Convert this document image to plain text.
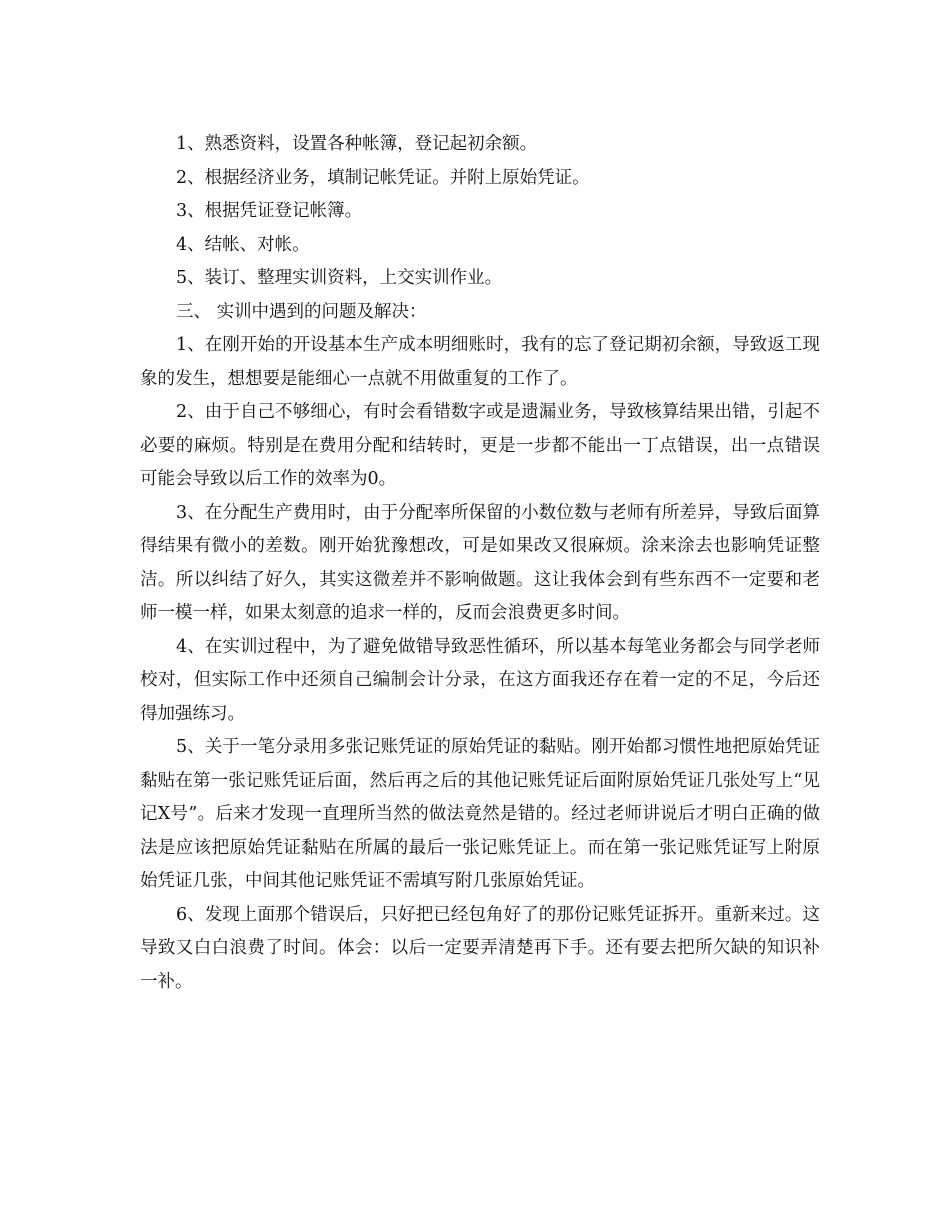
1、熟悉资料，设置各种帐簿，登记起初余额。

2、根据经济业务，填制记帐凭证。并附上原始凭证。

3、根据凭证登记帐簿。

4、结帐、对帐。

5、装订、整理实训资料，上交实训作业。

三、 实训中遇到的问题及解决：

1、在刚开始的开设基本生产成本明细账时，我有的忘了登记期初余额，导致返工现象的发生，想想要是能细心一点就不用做重复的工作了。

2、由于自己不够细心，有时会看错数字或是遗漏业务，导致核算结果出错，引起不必要的麻烦。特别是在费用分配和结转时，更是一步都不能出一丁点错误，出一点错误可能会导致以后工作的效率为0。

3、在分配生产费用时，由于分配率所保留的小数位数与老师有所差异，导致后面算得结果有微小的差数。刚开始犹豫想改，可是如果改又很麻烦。涂来涂去也影响凭证整洁。所以纠结了好久，其实这微差并不影响做题。这让我体会到有些东西不一定要和老师一模一样，如果太刻意的追求一样的，反而会浪费更多时间。

4、在实训过程中，为了避免做错导致恶性循环，所以基本每笔业务都会与同学老师校对，但实际工作中还须自己编制会计分录，在这方面我还存在着一定的不足，今后还得加强练习。

5、关于一笔分录用多张记账凭证的原始凭证的黏贴。刚开始都习惯性地把原始凭证黏贴在第一张记账凭证后面，然后再之后的其他记账凭证后面附原始凭证几张处写上“见记X号”。后来才发现一直理所当然的做法竟然是错的。经过老师讲说后才明白正确的做法是应该把原始凭证黏贴在所属的最后一张记账凭证上。而在第一张记账凭证写上附原始凭证几张，中间其他记账凭证不需填写附几张原始凭证。

6、发现上面那个错误后，只好把已经包角好了的那份记账凭证拆开。重新来过。这导致又白白浪费了时间。体会：以后一定要弄清楚再下手。还有要去把所欠缺的知识补一补。
